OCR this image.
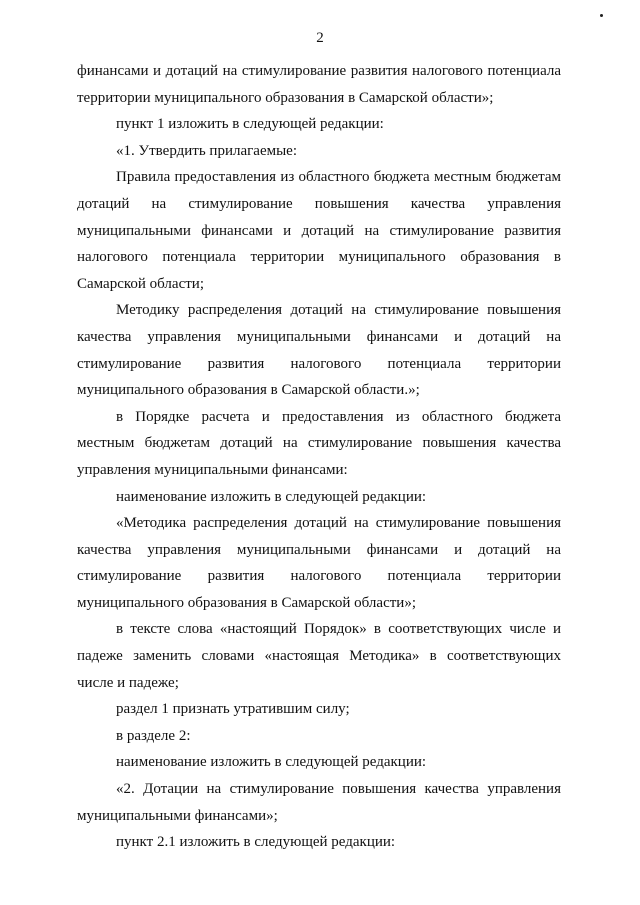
2

финансами и дотаций на стимулирование развития налогового потенциала территории муниципального образования в Самарской области»;

пункт 1 изложить в следующей редакции:

«1. Утвердить прилагаемые:

Правила предоставления из областного бюджета местным бюджетам дотаций на стимулирование повышения качества управления муниципальными финансами и дотаций на стимулирование развития налогового потенциала территории муниципального образования в Самарской области;

Методику распределения дотаций на стимулирование повышения качества управления муниципальными финансами и дотаций на стимулирование развития налогового потенциала территории муниципального образования в Самарской области.»;

в Порядке расчета и предоставления из областного бюджета местным бюджетам дотаций на стимулирование повышения качества управления муниципальными финансами:

наименование изложить в следующей редакции:

«Методика распределения дотаций на стимулирование повышения качества управления муниципальными финансами и дотаций на стимулирование развития налогового потенциала территории муниципального образования в Самарской области»;

в тексте слова «настоящий Порядок» в соответствующих числе и падеже заменить словами «настоящая Методика» в соответствующих числе и падеже;

раздел 1 признать утратившим силу;

в разделе 2:

наименование изложить в следующей редакции:

«2. Дотации на стимулирование повышения качества управления муниципальными финансами»;

пункт 2.1 изложить в следующей редакции:
